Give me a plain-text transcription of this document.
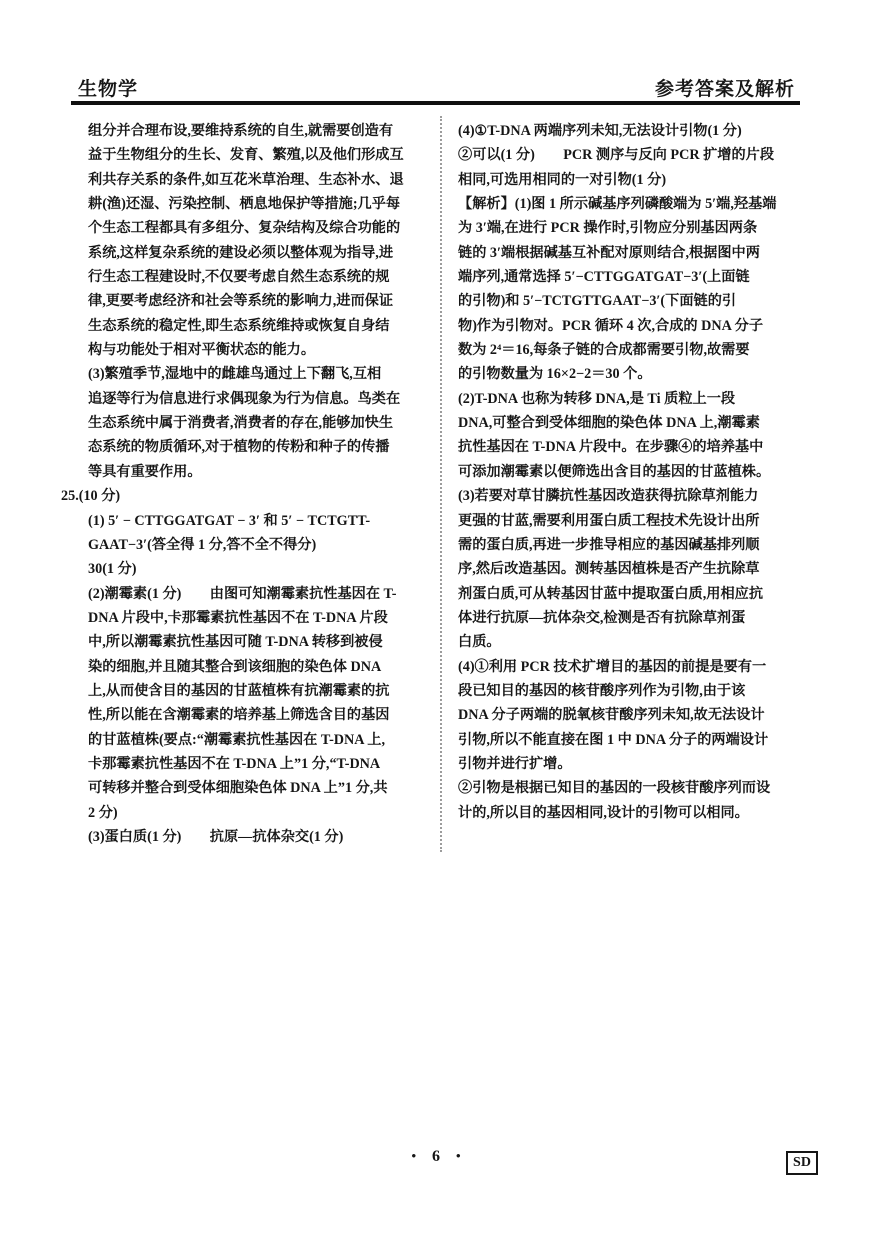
生物学	参考答案及解析
组分并合理布设,要维持系统的自生,就需要创造有
益于生物组分的生长、发育、繁殖,以及他们形成互
利共存关系的条件,如互花米草治理、生态补水、退
耕(渔)还湿、污染控制、栖息地保护等措施;几乎每
个生态工程都具有多组分、复杂结构及综合功能的
系统,这样复杂系统的建设必须以整体观为指导,进
行生态工程建设时,不仅要考虑自然生态系统的规
律,更要考虑经济和社会等系统的影响力,进而保证
生态系统的稳定性,即生态系统维持或恢复自身结
构与功能处于相对平衡状态的能力。
(3)繁殖季节,湿地中的雌雄鸟通过上下翻飞,互相
追逐等行为信息进行求偶现象为行为信息。鸟类在
生态系统中属于消费者,消费者的存在,能够加快生
态系统的物质循环,对于植物的传粉和种子的传播
等具有重要作用。
25.(10 分)
(1) 5′ − CTTGGATGAT − 3′ 和 5′ − TCTGTT-
GAAT−3′(答全得 1 分,答不全不得分)
30(1 分)
(2)潮霉素(1 分)　　由图可知潮霉素抗性基因在 T-
DNA 片段中,卡那霉素抗性基因不在 T-DNA 片段
中,所以潮霉素抗性基因可随 T-DNA 转移到被侵
染的细胞,并且随其整合到该细胞的染色体 DNA
上,从而使含目的基因的甘蓝植株有抗潮霉素的抗
性,所以能在含潮霉素的培养基上筛选含目的基因
的甘蓝植株(要点:“潮霉素抗性基因在 T-DNA 上,
卡那霉素抗性基因不在 T-DNA 上”1 分,“T-DNA
可转移并整合到受体细胞染色体 DNA 上”1 分,共
2 分)
(3)蛋白质(1 分)　　抗原—抗体杂交(1 分)
(4)①T-DNA 两端序列未知,无法设计引物(1 分)
②可以(1 分)　　PCR 测序与反向 PCR 扩增的片段
相同,可选用相同的一对引物(1 分)
【解析】(1)图 1 所示碱基序列磷酸端为 5′端,羟基端
为 3′端,在进行 PCR 操作时,引物应分别基因两条
链的 3′端根据碱基互补配对原则结合,根据图中两
端序列,通常选择 5′−CTTGGATGAT−3′(上面链
的引物)和 5′−TCTGTTGAAT−3′(下面链的引
物)作为引物对。PCR 循环 4 次,合成的 DNA 分子
数为 2⁴＝16,每条子链的合成都需要引物,故需要
的引物数量为 16×2−2＝30 个。
(2)T-DNA 也称为转移 DNA,是 Ti 质粒上一段
DNA,可整合到受体细胞的染色体 DNA 上,潮霉素
抗性基因在 T-DNA 片段中。在步骤④的培养基中
可添加潮霉素以便筛选出含目的基因的甘蓝植株。
(3)若要对草甘膦抗性基因改造获得抗除草剂能力
更强的甘蓝,需要利用蛋白质工程技术先设计出所
需的蛋白质,再进一步推导相应的基因碱基排列顺
序,然后改造基因。测转基因植株是否产生抗除草
剂蛋白质,可从转基因甘蓝中提取蛋白质,用相应抗
体进行抗原—抗体杂交,检测是否有抗除草剂蛋
白质。
(4)①利用 PCR 技术扩增目的基因的前提是要有一
段已知目的基因的核苷酸序列作为引物,由于该
DNA 分子两端的脱氧核苷酸序列未知,故无法设计
引物,所以不能直接在图 1 中 DNA 分子的两端设计
引物并进行扩增。
②引物是根据已知目的基因的一段核苷酸序列而设
计的,所以目的基因相同,设计的引物可以相同。
• 6 •	SD
